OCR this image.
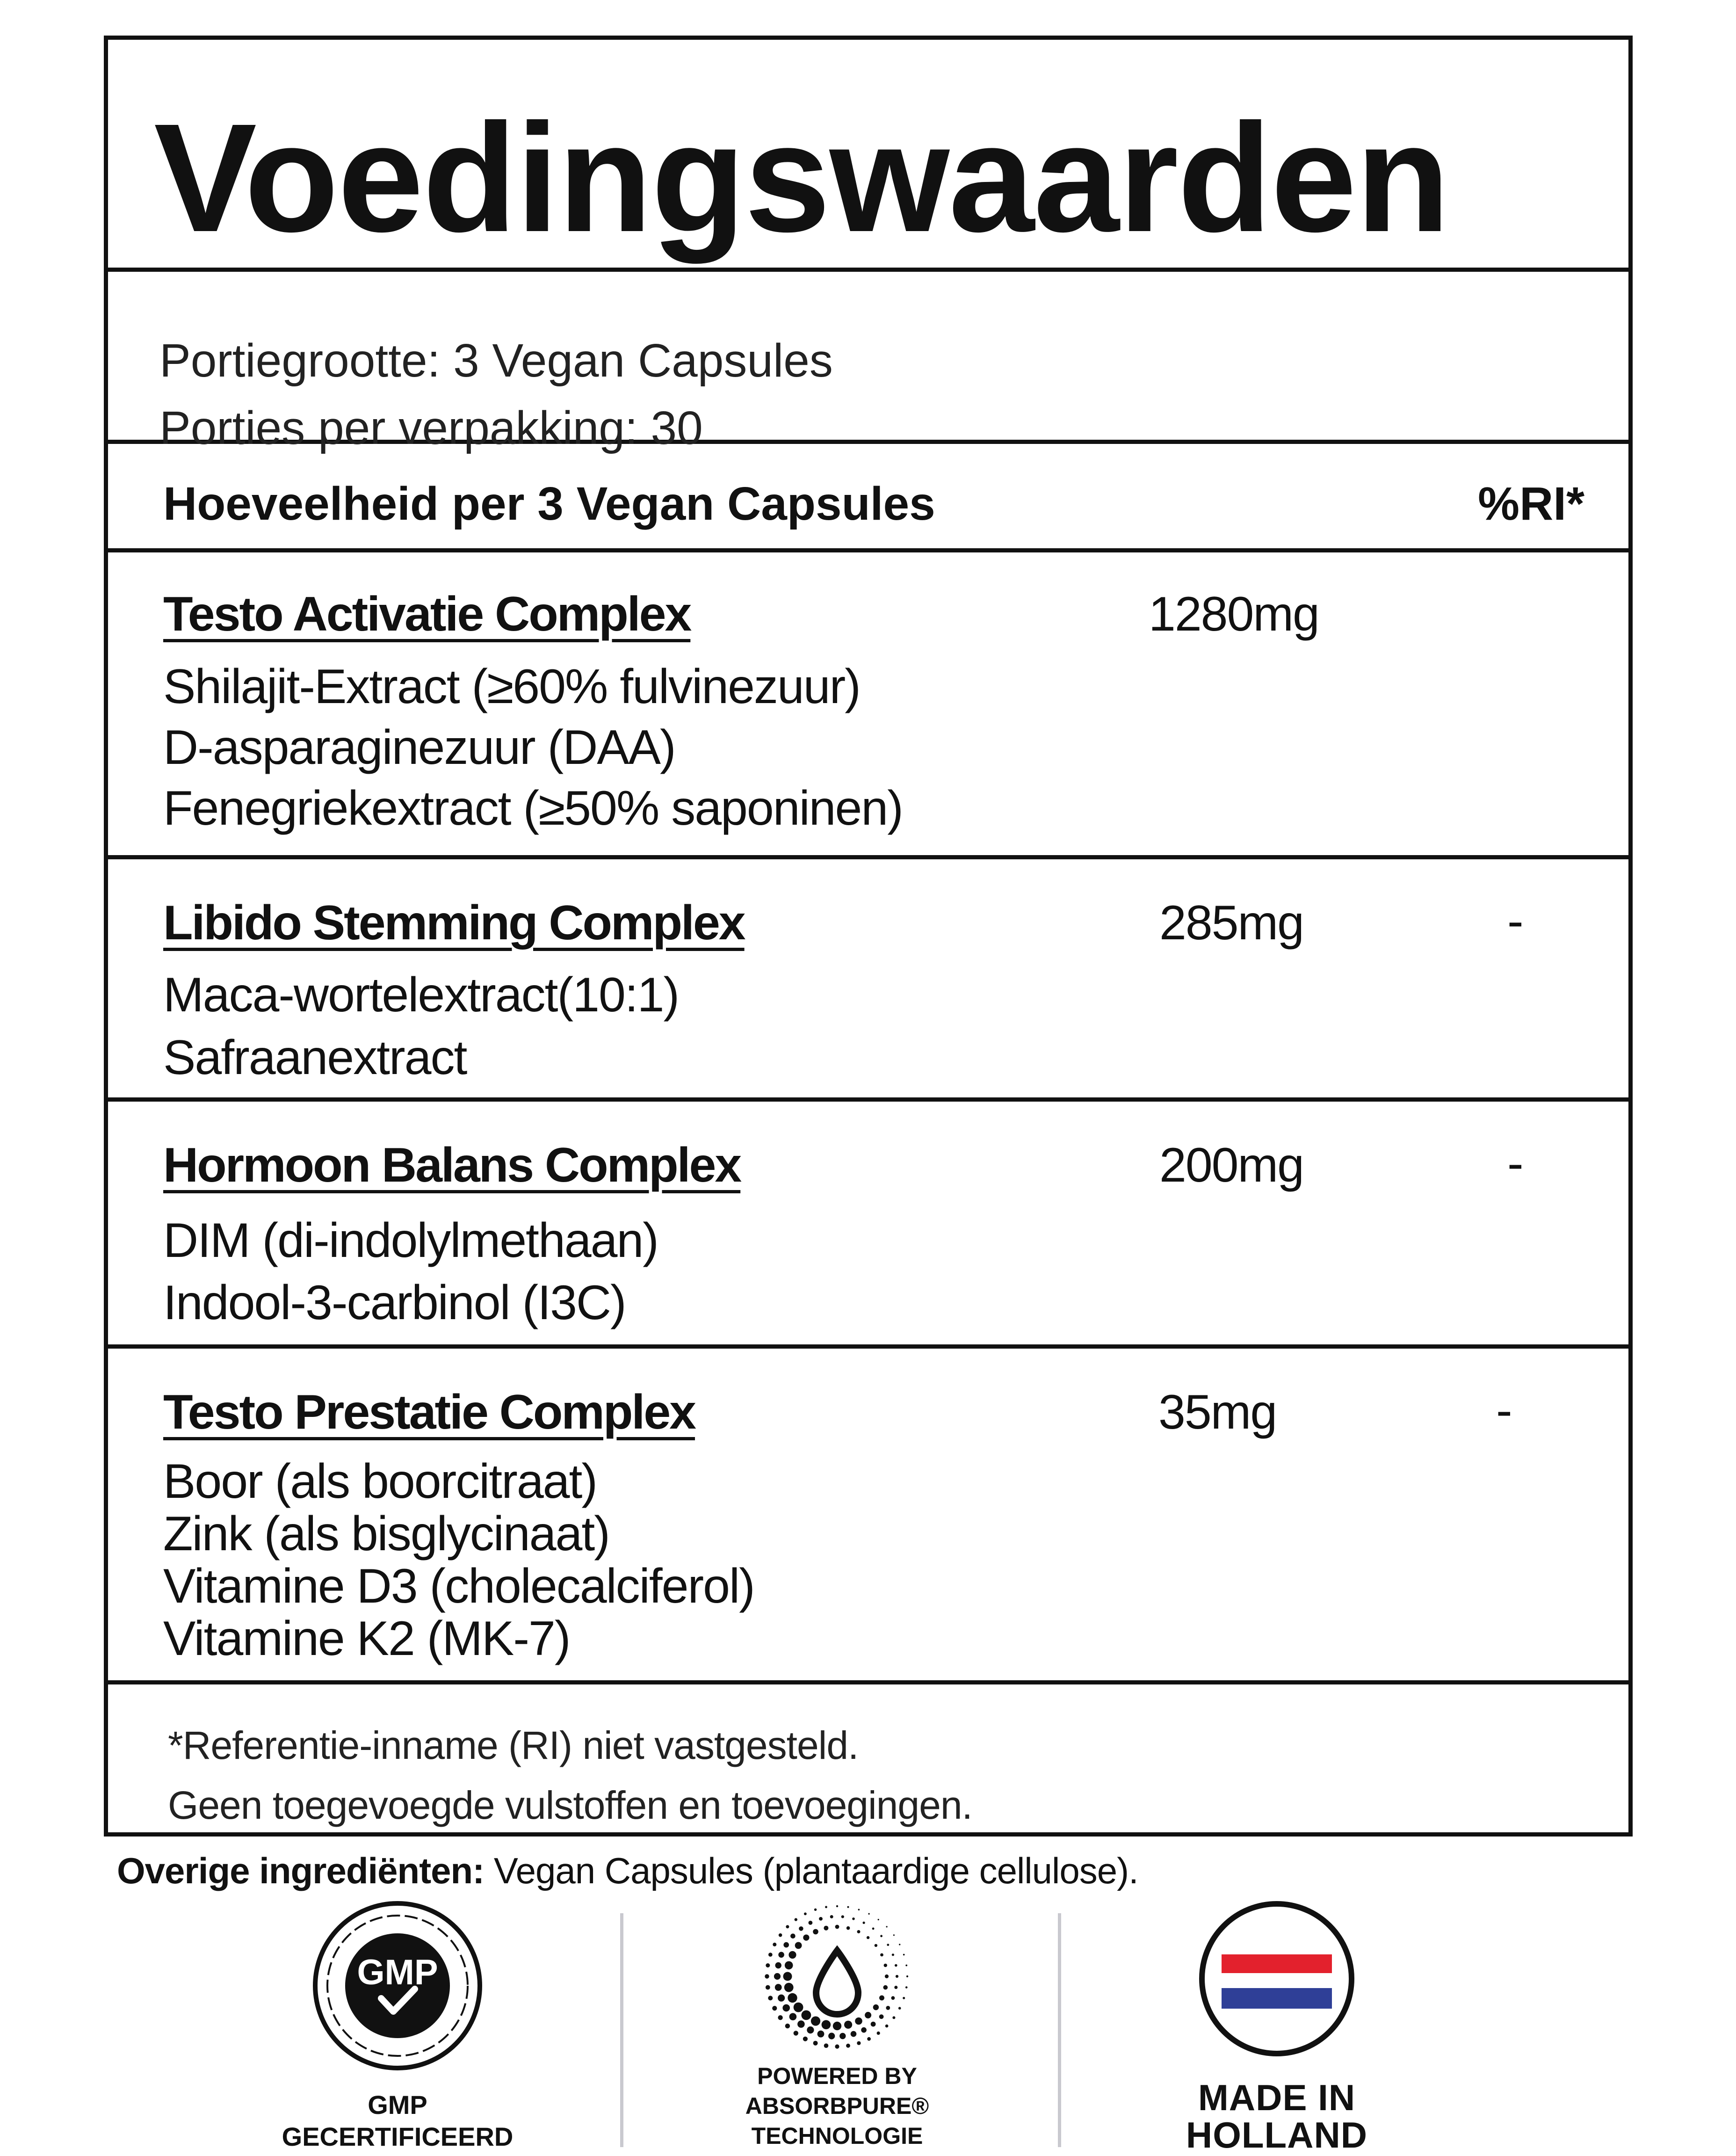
Voedingswaarden
Portiegrootte: 3 Vegan Capsules
Porties per verpakking: 30
Hoeveelheid per 3 Vegan Capsules	%RI*
Testo Activatie Complex	1280mg
Shilajit-Extract (≥60% fulvinezuur)
D-asparaginezuur (DAA)
Fenegriekextract (≥50% saponinen)
Libido Stemming Complex	285mg	-
Maca-wortelextract(10:1)
Safraanextract
Hormoon Balans Complex	200mg	-
DIM (di-indolylmethaan)
Indool-3-carbinol (I3C)
Testo Prestatie Complex	35mg	-
Boor (als boorcitraat)
Zink (als bisglycinaat)
Vitamine D3 (cholecalciferol)
Vitamine K2 (MK-7)
*Referentie-inname (RI) niet vastgesteld.
Geen toegevoegde vulstoffen en toevoegingen.
Overige ingrediënten: Vegan Capsules (plantaardige cellulose).
GMP
GMP
GECERTIFICEERD
POWERED BY
ABSORBPURE®
TECHNOLOGIE
MADE IN
HOLLAND
